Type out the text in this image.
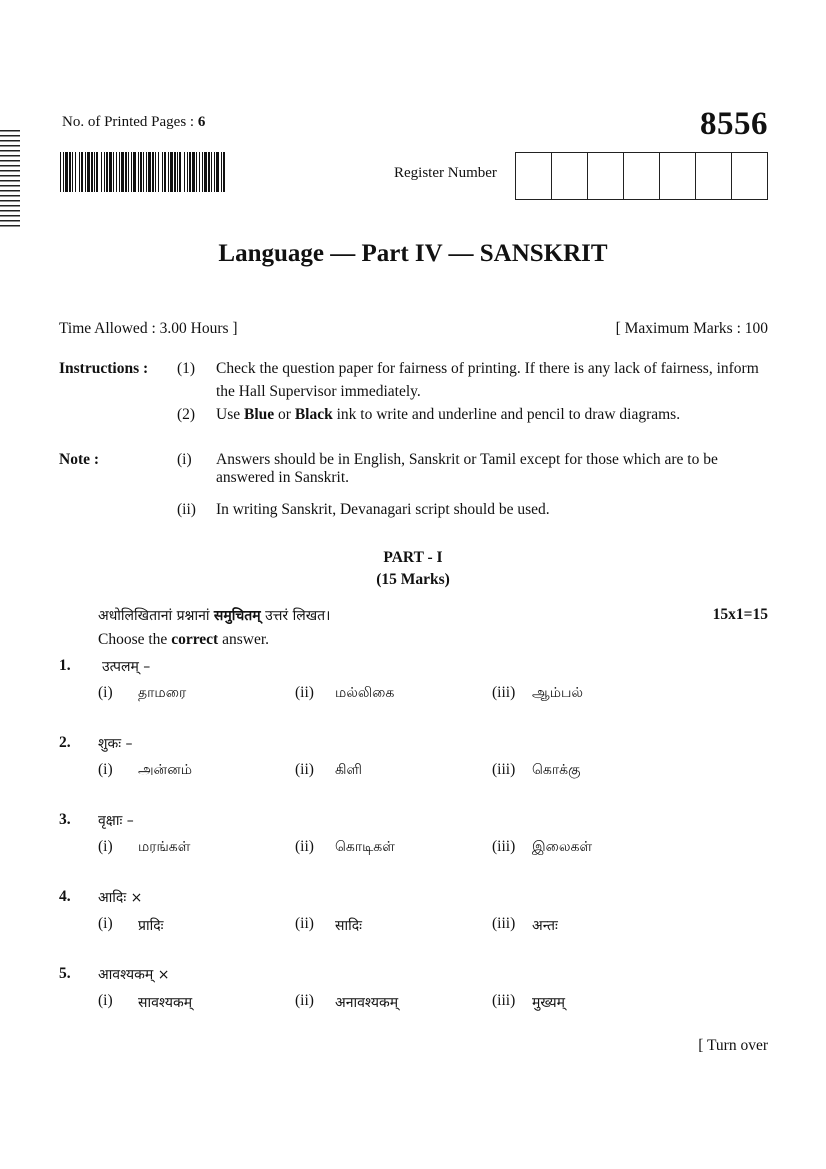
No. of Printed Pages : 6	8556
Register Number
Language — Part IV — SANSKRIT
Time Allowed : 3.00 Hours ]	[ Maximum Marks : 100
Instructions : (1) Check the question paper for fairness of printing. If there is any lack of fairness, inform the Hall Supervisor immediately.
(2) Use Blue or Black ink to write and underline and pencil to draw diagrams.
Note :	(i) Answers should be in English, Sanskrit or Tamil except for those which are to be answered in Sanskrit.
(ii) In writing Sanskrit, Devanagari script should be used.
PART - I
(15 Marks)
अधोलिखितानां प्रश्नानां समुचितम् उत्तरं लिखत।	15x1=15
Choose the correct answer.
1. उत्पलम् –
(i) தாமரை	(ii) மல்லிகை	(iii) ஆம்பல்
2. शुकः –
(i) அன்னம்	(ii) கிளி	(iii) கொக்கு
3. वृक्षाः –
(i) மரங்கள்	(ii) கொடிகள்	(iii) இலைகள்
4. आदिः ×
(i) प्रादिः	(ii) सादिः	(iii) अन्तः
5. आवश्यकम् ×
(i) सावश्यकम्	(ii) अनावश्यकम्	(iii) मुख्यम्
[ Turn over
